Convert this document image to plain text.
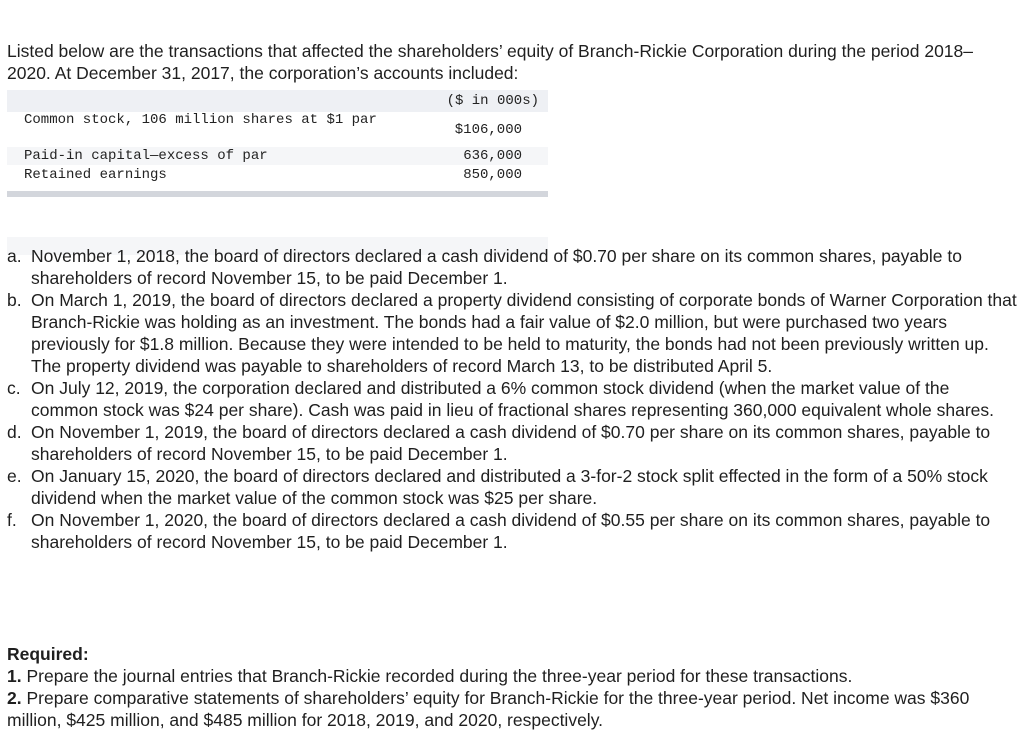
Listed below are the transactions that affected the shareholders’ equity of Branch-Rickie Corporation during the period 2018–2020. At December 31, 2017, the corporation’s accounts included:

($ in 000s)
Common stock, 106 million shares at $1 par
$106,000
Paid-in capital—excess of par	636,000
Retained earnings	850,000
a. November 1, 2018, the board of directors declared a cash dividend of $0.70 per share on its common shares, payable to shareholders of record November 15, to be paid December 1.
b. On March 1, 2019, the board of directors declared a property dividend consisting of corporate bonds of Warner Corporation that Branch-Rickie was holding as an investment. The bonds had a fair value of $2.0 million, but were purchased two years previously for $1.8 million. Because they were intended to be held to maturity, the bonds had not been previously written up. The property dividend was payable to shareholders of record March 13, to be distributed April 5.
c. On July 12, 2019, the corporation declared and distributed a 6% common stock dividend (when the market value of the common stock was $24 per share). Cash was paid in lieu of fractional shares representing 360,000 equivalent whole shares.
d. On November 1, 2019, the board of directors declared a cash dividend of $0.70 per share on its common shares, payable to shareholders of record November 15, to be paid December 1.
e. On January 15, 2020, the board of directors declared and distributed a 3-for-2 stock split effected in the form of a 50% stock dividend when the market value of the common stock was $25 per share.
f. On November 1, 2020, the board of directors declared a cash dividend of $0.55 per share on its common shares, payable to shareholders of record November 15, to be paid December 1.
Required:
1. Prepare the journal entries that Branch-Rickie recorded during the three-year period for these transactions.
2. Prepare comparative statements of shareholders’ equity for Branch-Rickie for the three-year period. Net income was $360 million, $425 million, and $485 million for 2018, 2019, and 2020, respectively.
